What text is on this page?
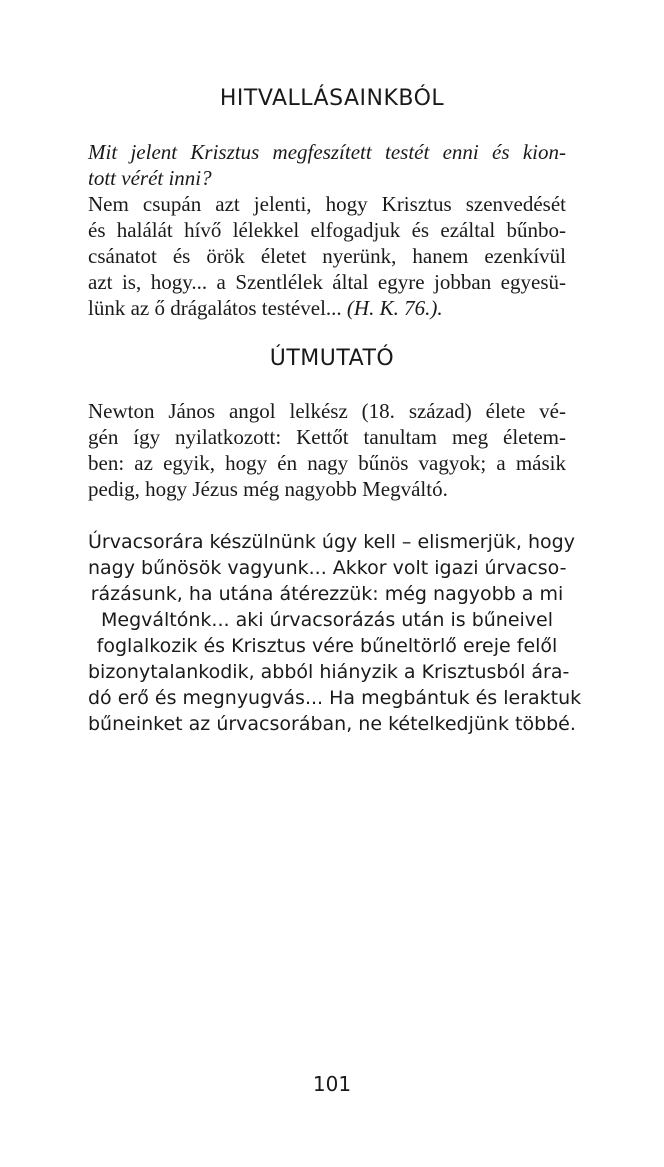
HITVALLÁSAINKBÓL
Mit jelent Krisztus megfeszített testét enni és kion-
tott vérét inni?
Nem csupán azt jelenti, hogy Krisztus szenvedését
és halálát hívő lélekkel elfogadjuk és ezáltal bűnbo-
csánatot és örök életet nyerünk, hanem ezenkívül
azt is, hogy... a Szentlélek által egyre jobban egyesü-
lünk az ő drágalátos testével... (H. K. 76.).
ÚTMUTATÓ
Newton János angol lelkész (18. század) élete vé-
gén így nyilatkozott: Kettőt tanultam meg életem-
ben: az egyik, hogy én nagy bűnös vagyok; a másik
pedig, hogy Jézus még nagyobb Megváltó.
Úrvacsorára készülnünk úgy kell – elismerjük, hogy
nagy bűnösök vagyunk... Akkor volt igazi úrvacso-
rázásunk, ha utána átérezzük: még nagyobb a mi
Megváltónk... aki úrvacsorázás után is bűneivel
foglalkozik és Krisztus vére bűneltörlő ereje felől
bizonytalankodik, abból hiányzik a Krisztusból ára-
dó erő és megnyugvás... Ha megbántuk és leraktuk
bűneinket az úrvacsorában, ne kételkedjünk többé.
101
